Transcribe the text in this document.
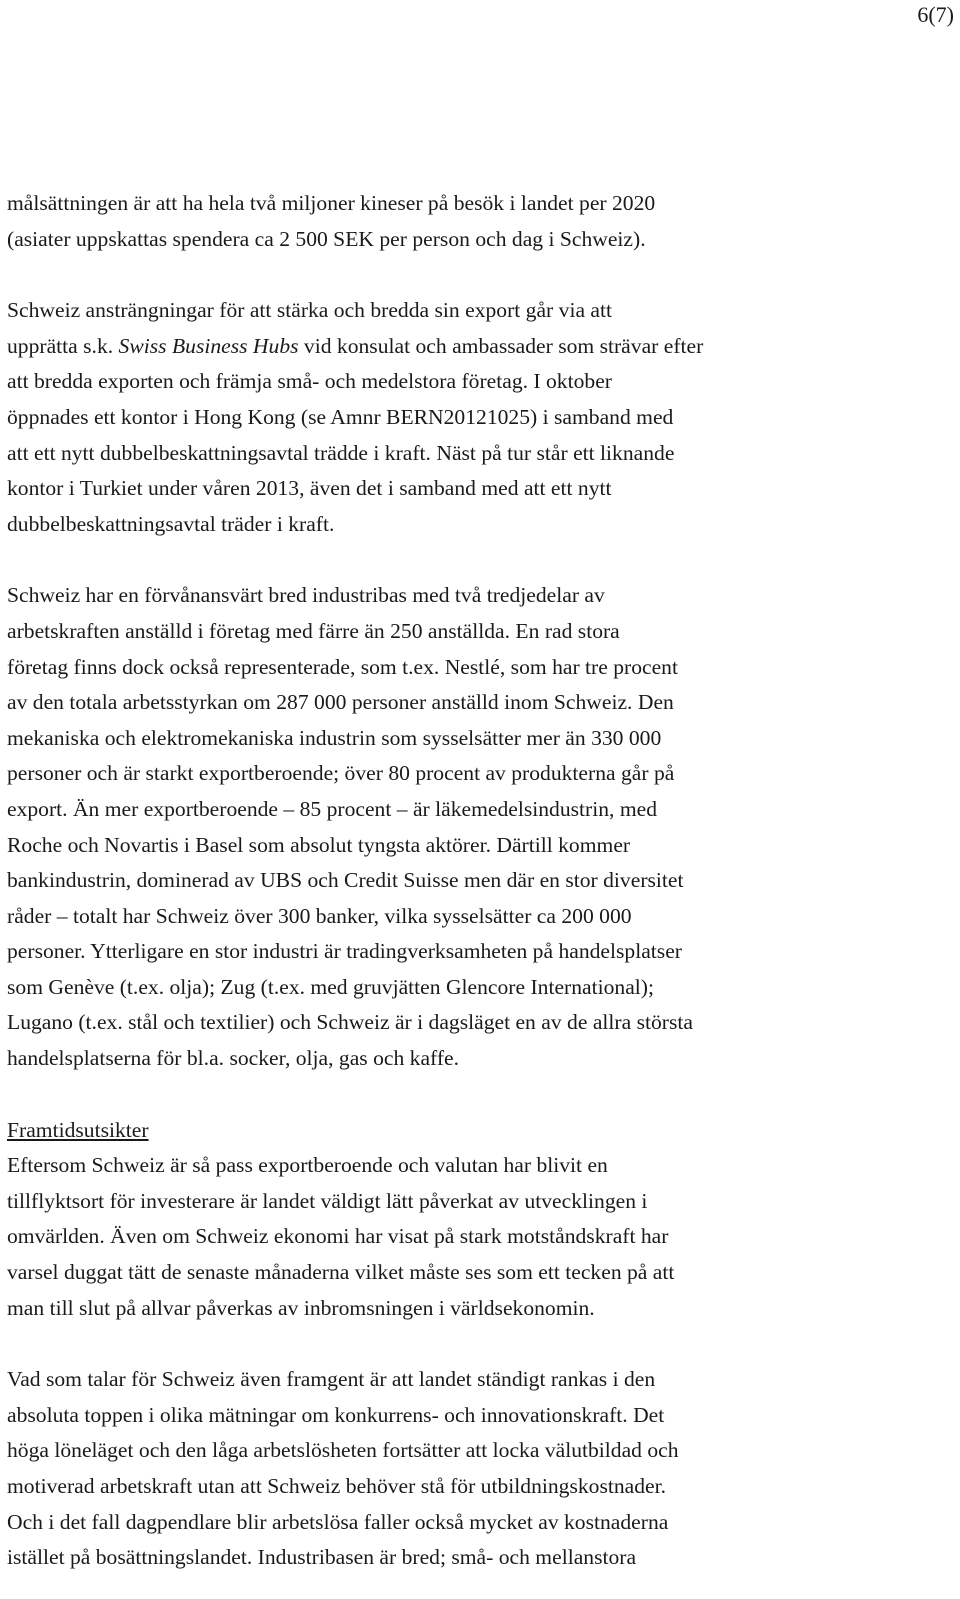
6(7)
målsättningen är att ha hela två miljoner kineser på besök i landet per 2020
(asiater uppskattas spendera ca 2 500 SEK per person och dag i Schweiz).
Schweiz ansträngningar för att stärka och bredda sin export går via att
upprätta s.k. Swiss Business Hubs vid konsulat och ambassader som strävar efter
att bredda exporten och främja små- och medelstora företag. I oktober
öppnades ett kontor i Hong Kong (se Amnr BERN20121025) i samband med
att ett nytt dubbelbeskattningsavtal trädde i kraft. Näst på tur står ett liknande
kontor i Turkiet under våren 2013, även det i samband med att ett nytt
dubbelbeskattningsavtal träder i kraft.
Schweiz har en förvånansvärt bred industribas med två tredjedelar av
arbetskraften anställd i företag med färre än 250 anställda. En rad stora
företag finns dock också representerade, som t.ex. Nestlé, som har tre procent
av den totala arbetsstyrkan om 287 000 personer anställd inom Schweiz. Den
mekaniska och elektromekaniska industrin som sysselsätter mer än 330 000
personer och är starkt exportberoende; över 80 procent av produkterna går på
export. Än mer exportberoende – 85 procent – är läkemedelsindustrin, med
Roche och Novartis i Basel som absolut tyngsta aktörer. Därtill kommer
bankindustrin, dominerad av UBS och Credit Suisse men där en stor diversitet
råder – totalt har Schweiz över 300 banker, vilka sysselsätter ca 200 000
personer. Ytterligare en stor industri är tradingverksamheten på handelsplatser
som Genève (t.ex. olja); Zug (t.ex. med gruvjätten Glencore International);
Lugano (t.ex. stål och textilier) och Schweiz är i dagsläget en av de allra största
handelsplatserna för bl.a. socker, olja, gas och kaffe.
Framtidsutsikter
Eftersom Schweiz är så pass exportberoende och valutan har blivit en
tillflyktsort för investerare är landet väldigt lätt påverkat av utvecklingen i
omvärlden. Även om Schweiz ekonomi har visat på stark motståndskraft har
varsel duggat tätt de senaste månaderna vilket måste ses som ett tecken på att
man till slut på allvar påverkas av inbromsningen i världsekonomin.
Vad som talar för Schweiz även framgent är att landet ständigt rankas i den
absoluta toppen i olika mätningar om konkurrens- och innovationskraft. Det
höga löneläget och den låga arbetslösheten fortsätter att locka välutbildad och
motiverad arbetskraft utan att Schweiz behöver stå för utbildningskostnader.
Och i det fall dagpendlare blir arbetslösa faller också mycket av kostnaderna
istället på bosättningslandet. Industribasen är bred; små- och mellanstora
